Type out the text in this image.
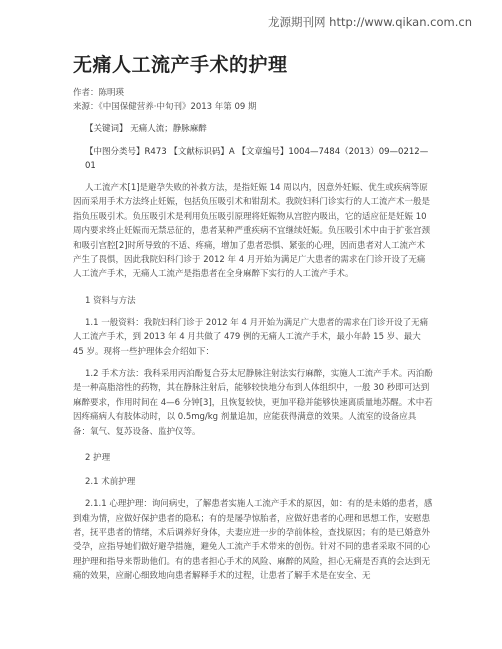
龙源期刊网 http://www.qikan.com.cn
无痛人工流产手术的护理
作者：陈明瑛
来源：《中国保健营养·中旬刊》2013 年第 09 期
【关键词】 无痛人流；静脉麻醉
【中图分类号】R473 【文献标识码】A 【文章编号】1004—7484（2013）09—0212—01

人工流产术[1]是避孕失败的补救方法，是指妊娠 14 周以内，因意外妊娠、优生或疾病等原因而采用手术方法终止妊娠，包括负压吸引术和钳刮术。我院妇科门诊实行的人工流产术一般是指负压吸引术。负压吸引术是利用负压吸引原理将妊娠物从宫腔内吸出，它的适应征是妊娠 10 周内要求终止妊娠而无禁忌征的，患者某种严重疾病不宜继续妊娠。负压吸引术中由于扩张宫颈和吸引宫腔[2]时所导致的不适、疼痛，增加了患者恐惧、紧张的心理，因而患者对人工流产术产生了畏惧，因此我院妇科门诊于 2012 年 4 月开始为满足广大患者的需求在门诊开设了无痛人工流产手术，无痛人工流产是指患者在全身麻醉下实行的人工流产手术。

1 资料与方法

1.1 一般资料：我院妇科门诊于 2012 年 4 月开始为满足广大患者的需求在门诊开设了无痛人工流产手术，到 2013 年 4 月共做了 479 例的无痛人工流产手术，最小年龄 15 岁、最大 45 岁。现将一些护理体会介绍如下：

1.2 手术方法：我科采用丙泊酚复合芬太尼静脉注射法实行麻醉，实施人工流产手术。丙泊酚是一种高脂溶性的药物，其在静脉注射后，能够较快地分布到人体组织中，一般 30 秒即可达到麻醉要求，作用时间在 4—6 分钟[3]，且恢复较快，更加平稳并能够快速离质量地苏醒。术中若因疼痛病人有肢体动时，以 0.5mg/kg 剂量追加，应能获得满意的效果。人流室的设备应具备：氧气、复苏设备、监护仪等。

2 护理
2.1 术前护理

2.1.1 心理护理：询问病史，了解患者实施人工流产手术的原因，如：有的是未婚的患者，感到难为情，应做好保护患者的隐私；有的是屡孕惊胎者，应做好患者的心理和思想工作，安慰患者，抚平患者的情绪，术后调养好身体，夫妻应进一步的孕前体检，查找原因；有的是已婚意外受孕，应指导她们做好避孕措施，避免人工流产手术带来的创伤。针对不同的患者采取不同的心理护理和指导来帮助他们。有的患者担心手术的风险、麻醉的风险，担心无痛是否真的会达到无痛的效果，应耐心细致地向患者解释手术的过程，让患者了解手术是在安全、无
